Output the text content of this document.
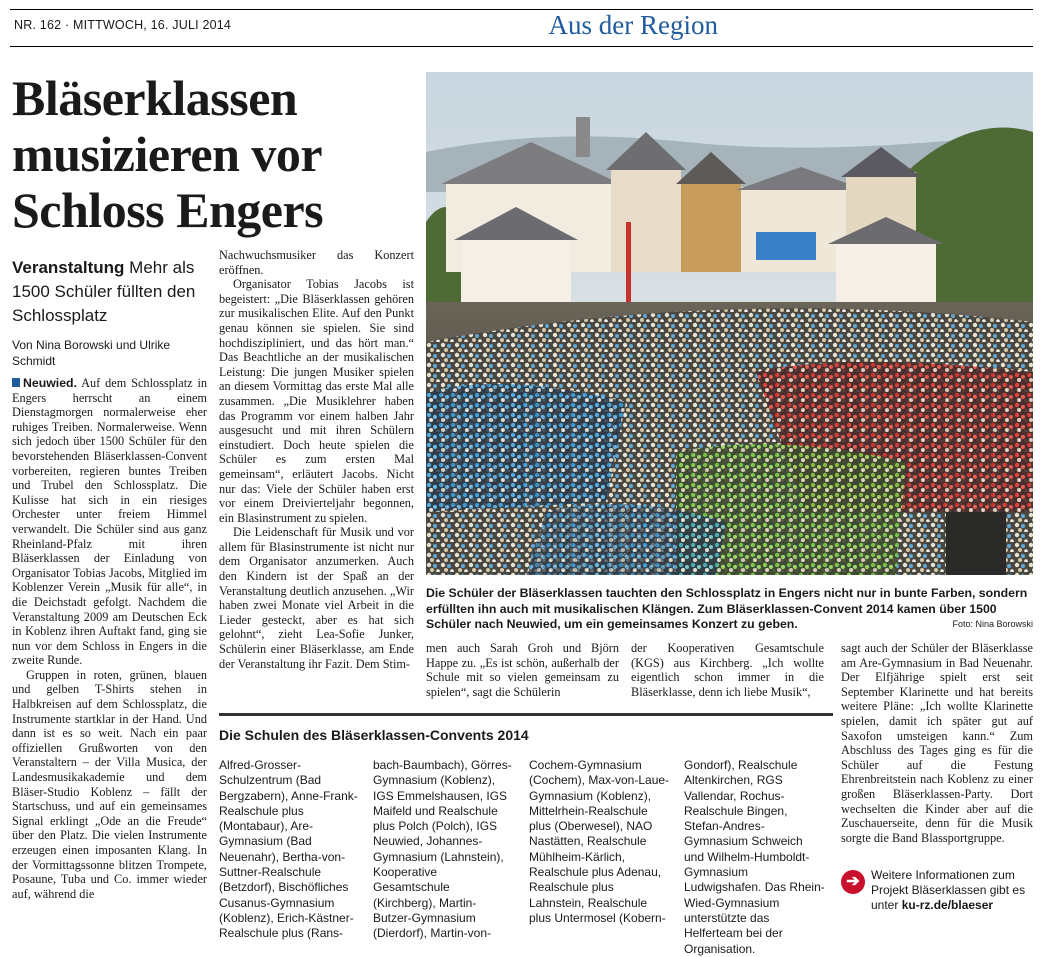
NR. 162 · MITTWOCH, 16. JULI 2014	Aus der Region
Bläserklassen
musizieren vor
Schloss Engers
Veranstaltung Mehr als 1500 Schüler füllten den Schlossplatz
Von Nina Borowski und Ulrike Schmidt

Neuwied. Auf dem Schlossplatz in Engers herrscht an einem Dienstagmorgen normalerweise eher ruhiges Treiben. Normalerweise. Wenn sich jedoch über 1500 Schüler für den bevorstehenden Bläserklassen-Convent vorbereiten, regieren buntes Treiben und Trubel den Schlossplatz. Die Kulisse hat sich in ein riesiges Orchester unter freiem Himmel verwandelt. Die Schüler sind aus ganz Rheinland-Pfalz mit ihren Bläserklassen der Einladung von Organisator Tobias Jacobs, Mitglied im Koblenzer Verein „Musik für alle“, in die Deichstadt gefolgt. Nachdem die Veranstaltung 2009 am Deutschen Eck in Koblenz ihren Auftakt fand, ging sie nun vor dem Schloss in Engers in die zweite Runde.

Gruppen in roten, grünen, blauen und gelben T-Shirts stehen in Halbkreisen auf dem Schlossplatz, die Instrumente startklar in der Hand. Und dann ist es so weit. Nach ein paar offiziellen Grußworten von den Veranstaltern – der Villa Musica, der Landesmusikakademie und dem Bläser-Studio Koblenz – fällt der Startschuss, und auf ein gemeinsames Signal erklingt „Ode an die Freude“ über den Platz. Die vielen Instrumente erzeugen einen imposanten Klang. In der Vormittagssonne blitzen Trompete, Posaune, Tuba und Co. immer wieder auf, während die

Nachwuchsmusiker das Konzert eröffnen.

Organisator Tobias Jacobs ist begeistert: „Die Bläserklassen gehören zur musikalischen Elite. Auf den Punkt genau können sie spielen. Sie sind hochdiszipliniert, und das hört man.“ Das Beachtliche an der musikalischen Leistung: Die jungen Musiker spielen an diesem Vormittag das erste Mal alle zusammen. „Die Musiklehrer haben das Programm vor einem halben Jahr ausgesucht und mit ihren Schülern einstudiert. Doch heute spielen die Schüler es zum ersten Mal gemeinsam“, erläutert Jacobs. Nicht nur das: Viele der Schüler haben erst vor einem Dreivierteljahr begonnen, ein Blasinstrument zu spielen.

Die Leidenschaft für Musik und vor allem für Blasinstrumente ist nicht nur dem Organisator anzumerken. Auch den Kindern ist der Spaß an der Veranstaltung deutlich anzusehen. „Wir haben zwei Monate viel Arbeit in die Lieder gesteckt, aber es hat sich gelohnt“, zieht Lea-Sofie Junker, Schülerin einer Bläserklasse, am Ende der Veranstaltung ihr Fazit. Dem Stim-

Die Schüler der Bläserklassen tauchten den Schlossplatz in Engers nicht nur in bunte Farben, sondern erfüllten ihn auch mit musikalischen Klängen. Zum Bläserklassen-Convent 2014 kamen über 1500 Schüler nach Neuwied, um ein gemeinsames Konzert zu geben.	Foto: Nina Borowski

men auch Sarah Groh und Björn Happe zu. „Es ist schön, außerhalb der Schule mit so vielen gemeinsam zu spielen“, sagt die Schülerin

der Kooperativen Gesamtschule (KGS) aus Kirchberg. „Ich wollte eigentlich schon immer in die Bläserklasse, denn ich liebe Musik“,

sagt auch der Schüler der Bläserklasse am Are-Gymnasium in Bad Neuenahr. Der Elfjährige spielt erst seit September Klarinette und hat bereits weitere Pläne: „Ich wollte Klarinette spielen, damit ich später gut auf Saxofon umsteigen kann.“ Zum Abschluss des Tages ging es für die Schüler auf die Festung Ehrenbreitstein nach Koblenz zu einer großen Bläserklassen-Party. Dort wechselten die Kinder aber auf die Zuschauerseite, denn für die Musik sorgte die Band Blassportgruppe.

Die Schulen des Bläserklassen-Convents 2014
Alfred-Grosser-Schulzentrum (Bad Bergzabern), Anne-Frank-Realschule plus (Montabaur), Are-Gymnasium (Bad Neuenahr), Bertha-von-Suttner-Realschule (Betzdorf), Bischöfliches Cusanus-Gymnasium (Koblenz), Erich-Kästner-Realschule plus (Rans-
bach-Baumbach), Görres-Gymnasium (Koblenz), IGS Emmelshausen, IGS Maifeld und Realschule plus Polch (Polch), IGS Neuwied, Johannes-Gymnasium (Lahnstein), Kooperative Gesamtschule (Kirchberg), Martin-Butzer-Gymnasium (Dierdorf), Martin-von-
Cochem-Gymnasium (Cochem), Max-von-Laue-Gymnasium (Koblenz), Mittelrhein-Realschule plus (Oberwesel), NAO Nastätten, Realschule Mühlheim-Kärlich, Realschule plus Adenau, Realschule plus Lahnstein, Realschule plus Untermosel (Kobern-
Gondorf), Realschule Altenkirchen, RGS Vallendar, Rochus-Realschule Bingen, Stefan-Andres-Gymnasium Schweich und Wilhelm-Humboldt-Gymnasium Ludwigshafen. Das Rhein-Wied-Gymnasium unterstützte das Helferteam bei der Organisation.
➔ Weitere Informationen zum Projekt Bläserklassen gibt es unter ku-rz.de/blaeser
